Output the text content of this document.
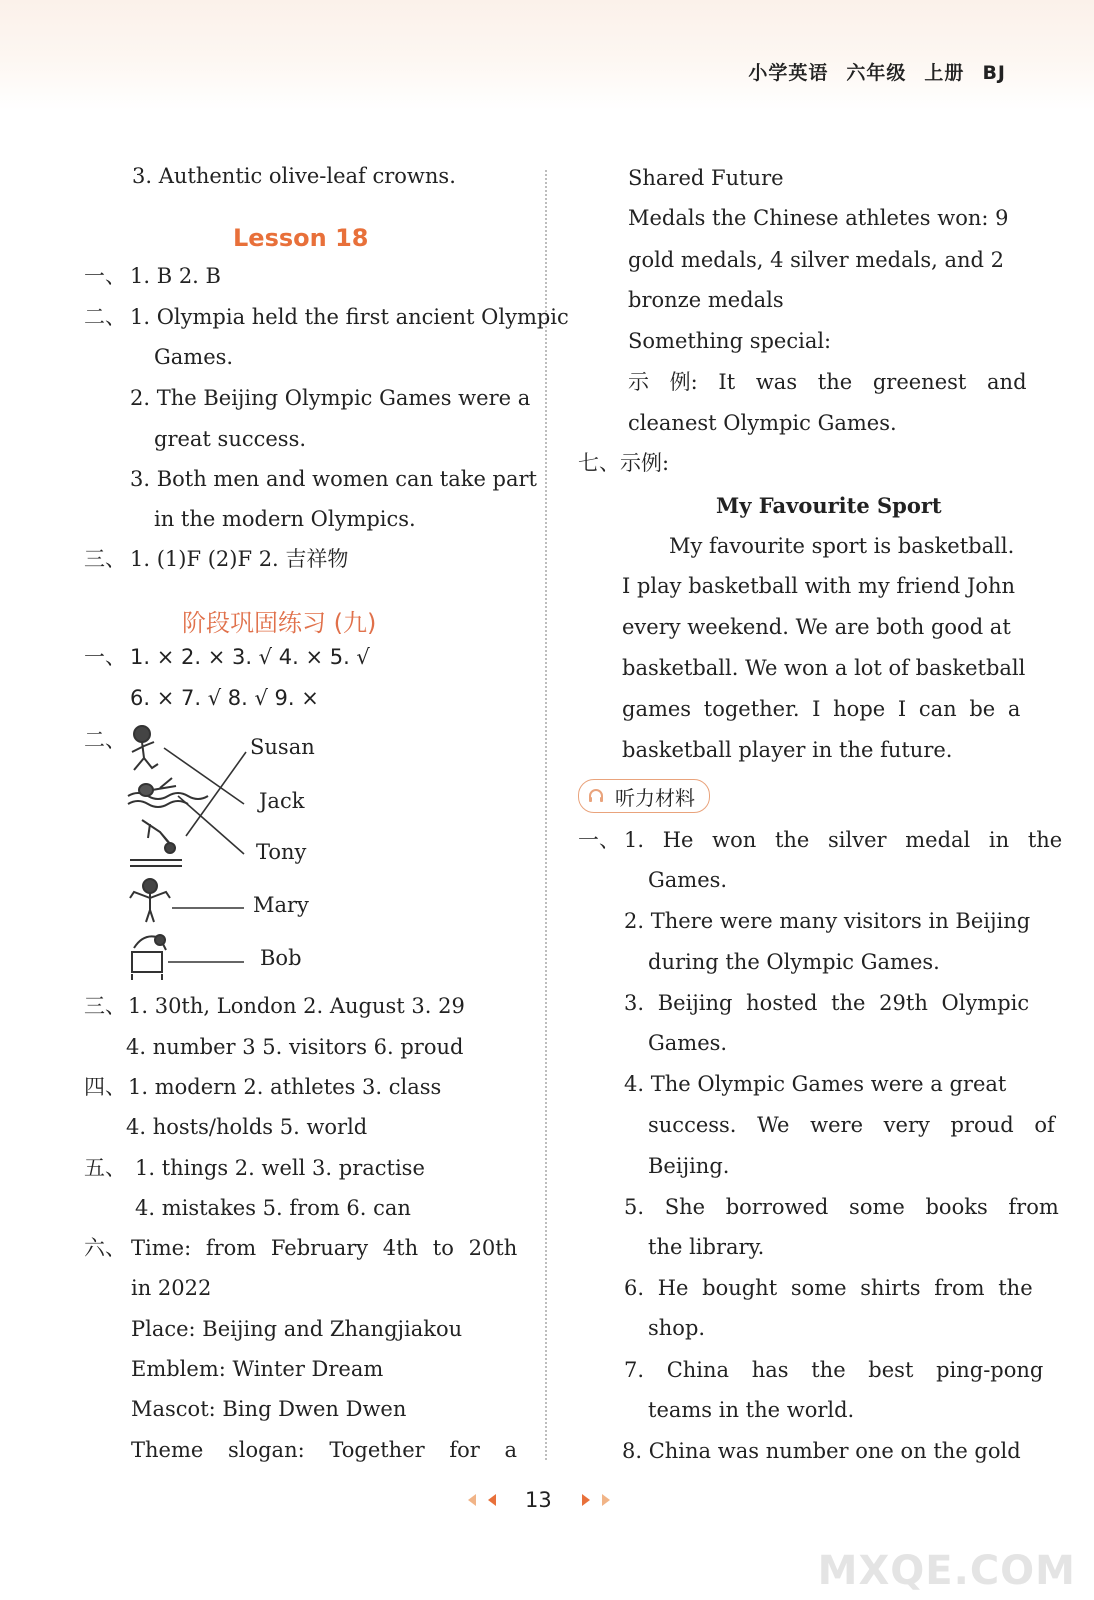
小学英语 六年级 上册 BJ
3. Authentic olive-leaf crowns.
Lesson 18
一、 1. B 2. B
二、 1. Olympia held the first ancient Olympic
Games.
2. The Beijing Olympic Games were a
great success.
3. Both men and women can take part
in the modern Olympics.
三、 1. (1)F (2)F 2. 吉祥物
阶段巩固练习 (九)
一、 1. × 2. × 3. √ 4. × 5. √
6. × 7. √ 8. √ 9. ×
二、	Susan
Jack
Tony
Mary
Bob
三、 1. 30th, London 2. August 3. 29
4. number 3 5. visitors 6. proud
四、 1. modern 2. athletes 3. class
4. hosts/holds 5. world
五、 1. things 2. well 3. practise
4. mistakes 5. from 6. can
六、 Time: from February 4th to 20th
in 2022
Place: Beijing and Zhangjiakou
Emblem: Winter Dream
Mascot: Bing Dwen Dwen
Theme slogan: Together for a
Shared Future
Medals the Chinese athletes won: 9
gold medals, 4 silver medals, and 2
bronze medals
Something special:
示 例: It was the greenest and
cleanest Olympic Games.
七、示例:
My Favourite Sport
My favourite sport is basketball.
I play basketball with my friend John
every weekend. We are both good at
basketball. We won a lot of basketball
games together. I hope I can be a
basketball player in the future.
听力材料
一、 1. He won the silver medal in the
Games.
2. There were many visitors in Beijing
during the Olympic Games.
3. Beijing hosted the 29th Olympic
Games.
4. The Olympic Games were a great
success. We were very proud of
Beijing.
5. She borrowed some books from
the library.
6. He bought some shirts from the
shop.
7. China has the best ping-pong
teams in the world.
8. China was number one on the gold
13
MXQE.COM
